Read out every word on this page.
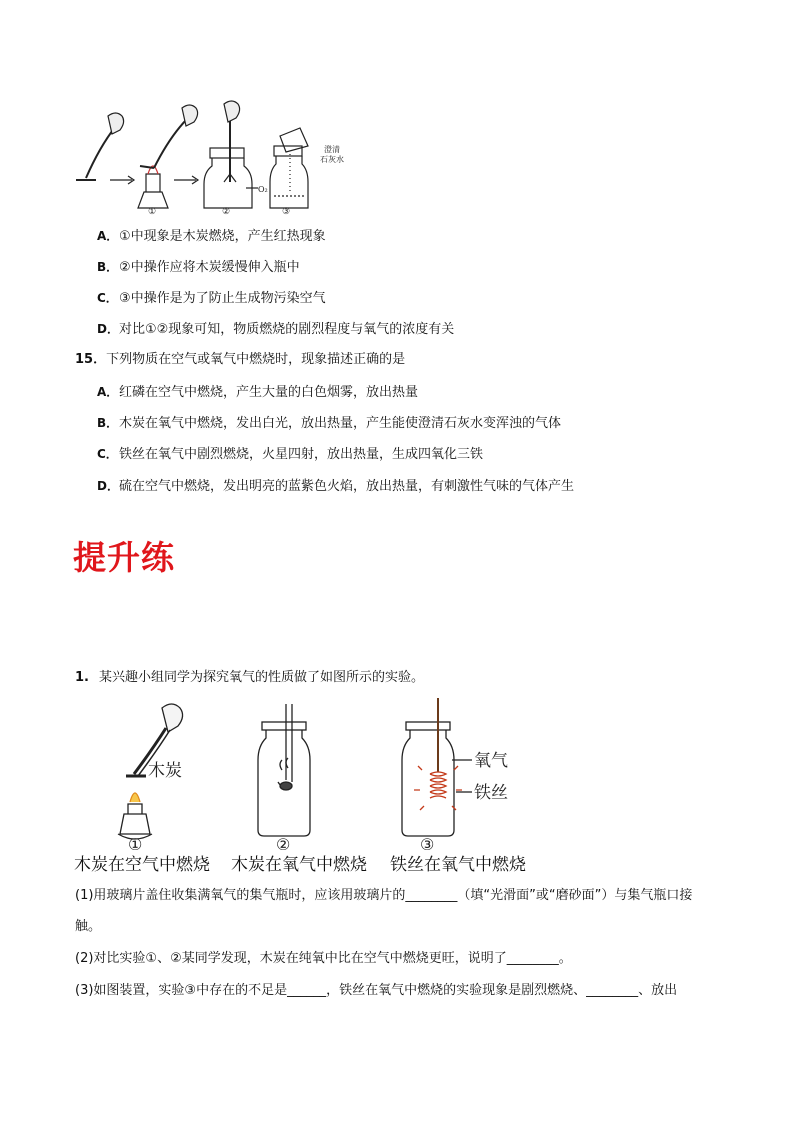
①	②	③
O₂
澄清
石灰水
A．①中现象是木炭燃烧，产生红热现象
B．②中操作应将木炭缓慢伸入瓶中
C．③中操作是为了防止生成物污染空气
D．对比①②现象可知，物质燃烧的剧烈程度与氧气的浓度有关
15．下列物质在空气或氧气中燃烧时，现象描述正确的是
A．红磷在空气中燃烧，产生大量的白色烟雾，放出热量
B．木炭在氧气中燃烧，发出白光，放出热量，产生能使澄清石灰水变浑浊的气体
C．铁丝在氧气中剧烈燃烧，火星四射，放出热量，生成四氧化三铁
D．硫在空气中燃烧，发出明亮的蓝紫色火焰，放出热量，有刺激性气味的气体产生
提升练
1. 某兴趣小组同学为探究氧气的性质做了如图所示的实验。
木炭	氧气
铁丝
①	②	③
木炭在空气中燃烧 木炭在氧气中燃烧 铁丝在氧气中燃烧
(1)用玻璃片盖住收集满氧气的集气瓶时，应该用玻璃片的________（填“光滑面”或“磨砂面”）与集气瓶口接
触。
(2)对比实验①、②某同学发现，木炭在纯氧中比在空气中燃烧更旺，说明了________。
(3)如图装置，实验③中存在的不足是______，铁丝在氧气中燃烧的实验现象是剧烈燃烧、________、放出
